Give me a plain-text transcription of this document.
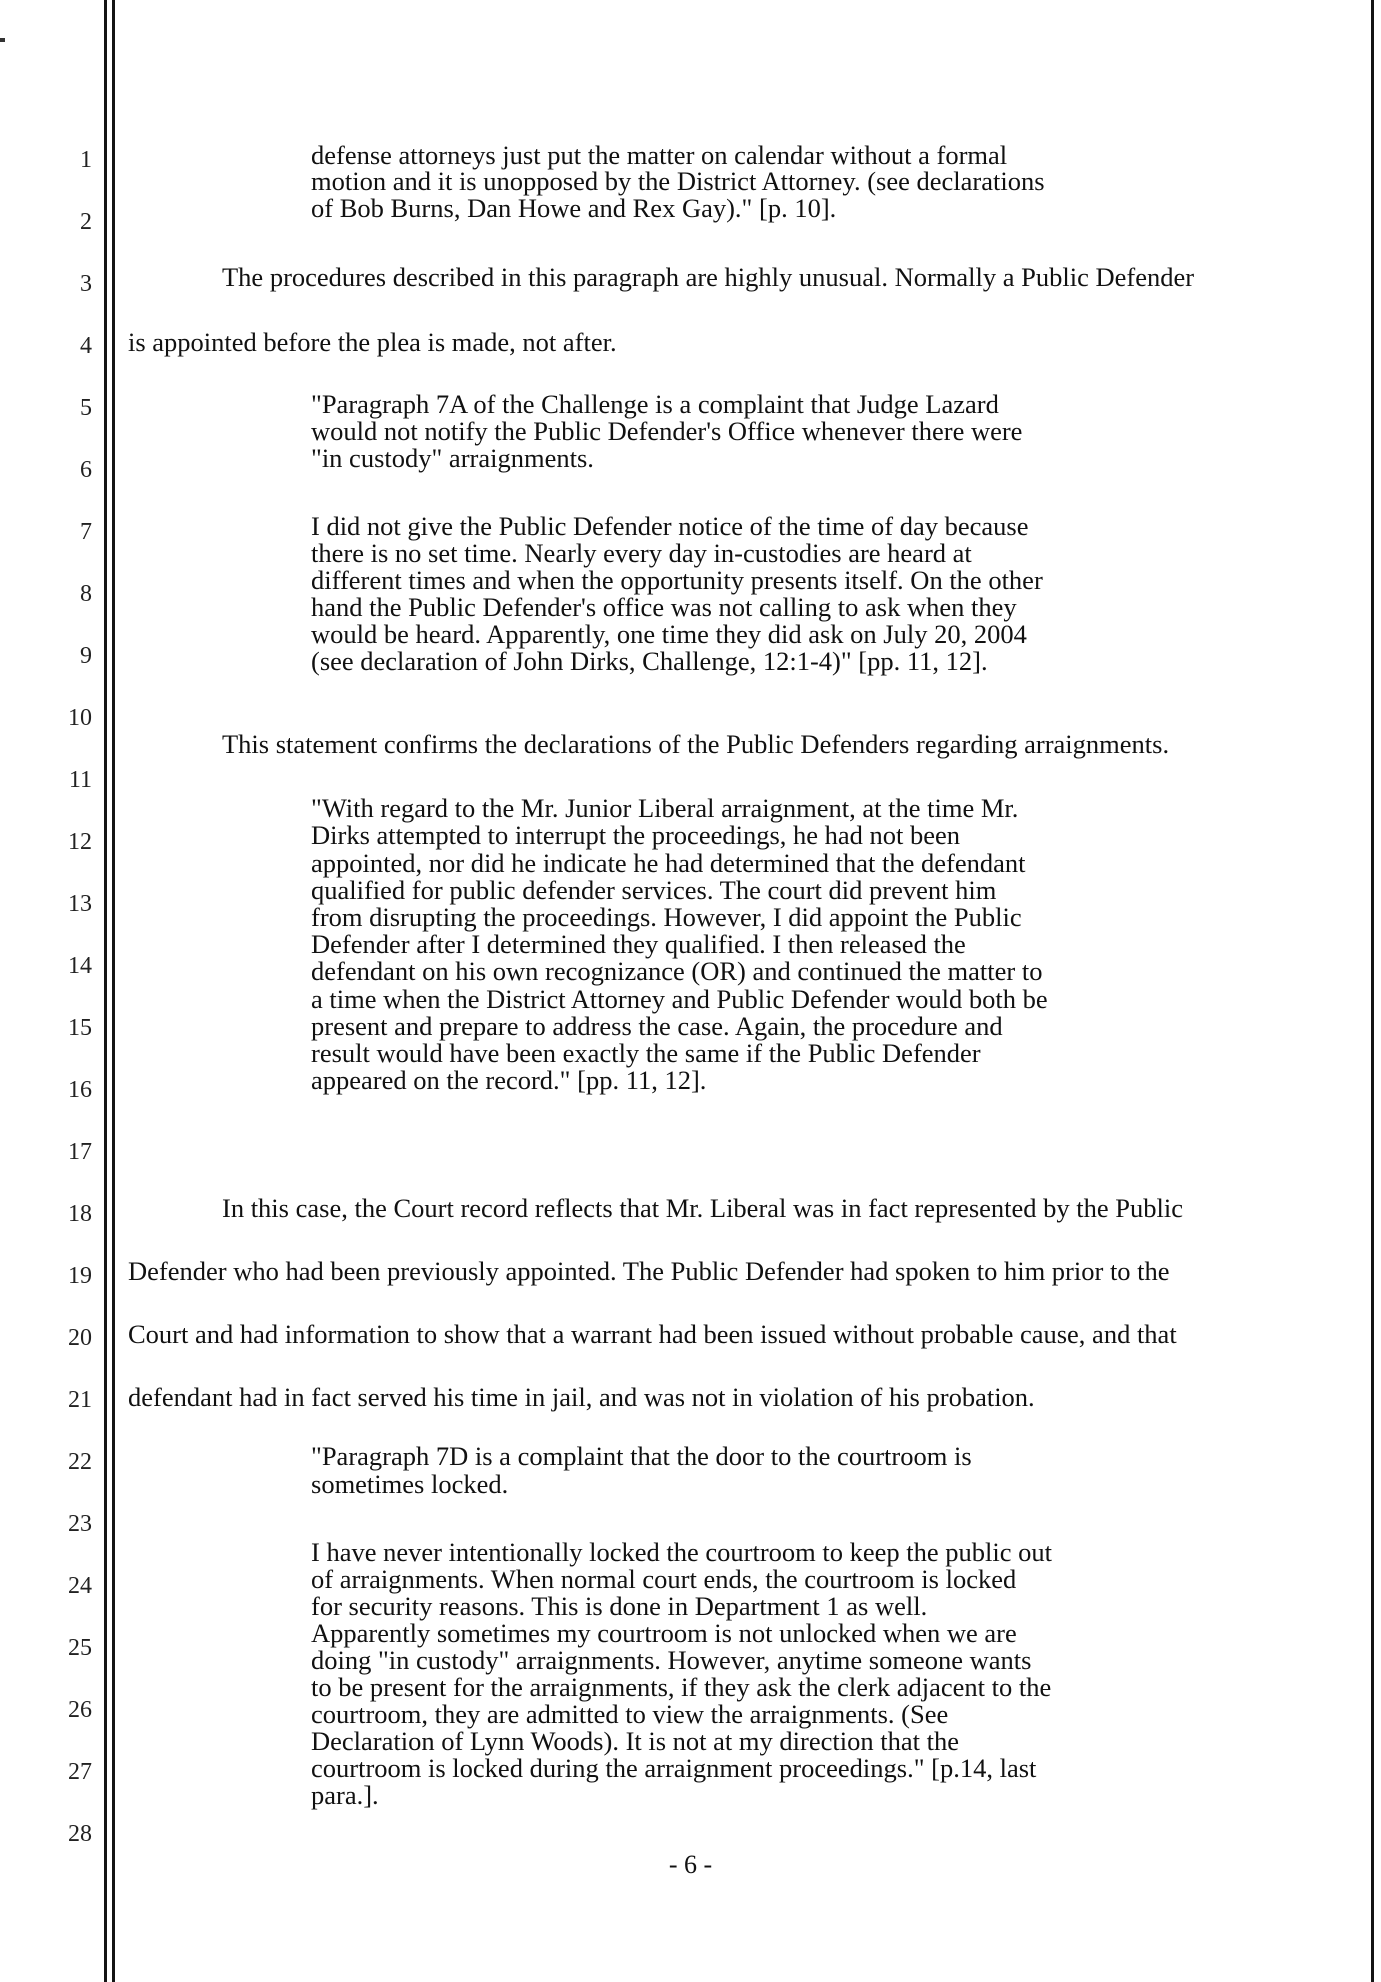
1
2
3
4
5
6
7
8
9
10
11
12
13
14
15
16
17
18
19
20
21
22
23
24
25
26
27
28
defense attorneys just put the matter on calendar without a formal
motion and it is unopposed by the District Attorney. (see declarations
of Bob Burns, Dan Howe and Rex Gay)." [p. 10].
The procedures described in this paragraph are highly unusual. Normally a Public Defender
is appointed before the plea is made, not after.
"Paragraph 7A of the Challenge is a complaint that Judge Lazard
would not notify the Public Defender's Office whenever there were
"in custody" arraignments.
I did not give the Public Defender notice of the time of day because
there is no set time. Nearly every day in-custodies are heard at
different times and when the opportunity presents itself. On the other
hand the Public Defender's office was not calling to ask when they
would be heard. Apparently, one time they did ask on July 20, 2004
(see declaration of John Dirks, Challenge, 12:1-4)" [pp. 11, 12].
This statement confirms the declarations of the Public Defenders regarding arraignments.
"With regard to the Mr. Junior Liberal arraignment, at the time Mr.
Dirks attempted to interrupt the proceedings, he had not been
appointed, nor did he indicate he had determined that the defendant
qualified for public defender services. The court did prevent him
from disrupting the proceedings. However, I did appoint the Public
Defender after I determined they qualified. I then released the
defendant on his own recognizance (OR) and continued the matter to
a time when the District Attorney and Public Defender would both be
present and prepare to address the case. Again, the procedure and
result would have been exactly the same if the Public Defender
appeared on the record." [pp. 11, 12].
In this case, the Court record reflects that Mr. Liberal was in fact represented by the Public
Defender who had been previously appointed. The Public Defender had spoken to him prior to the
Court and had information to show that a warrant had been issued without probable cause, and that
defendant had in fact served his time in jail, and was not in violation of his probation.
"Paragraph 7D is a complaint that the door to the courtroom is
sometimes locked.
I have never intentionally locked the courtroom to keep the public out
of arraignments. When normal court ends, the courtroom is locked
for security reasons. This is done in Department 1 as well.
Apparently sometimes my courtroom is not unlocked when we are
doing "in custody" arraignments. However, anytime someone wants
to be present for the arraignments, if they ask the clerk adjacent to the
courtroom, they are admitted to view the arraignments. (See
Declaration of Lynn Woods). It is not at my direction that the
courtroom is locked during the arraignment proceedings." [p.14, last
para.].
- 6 -
